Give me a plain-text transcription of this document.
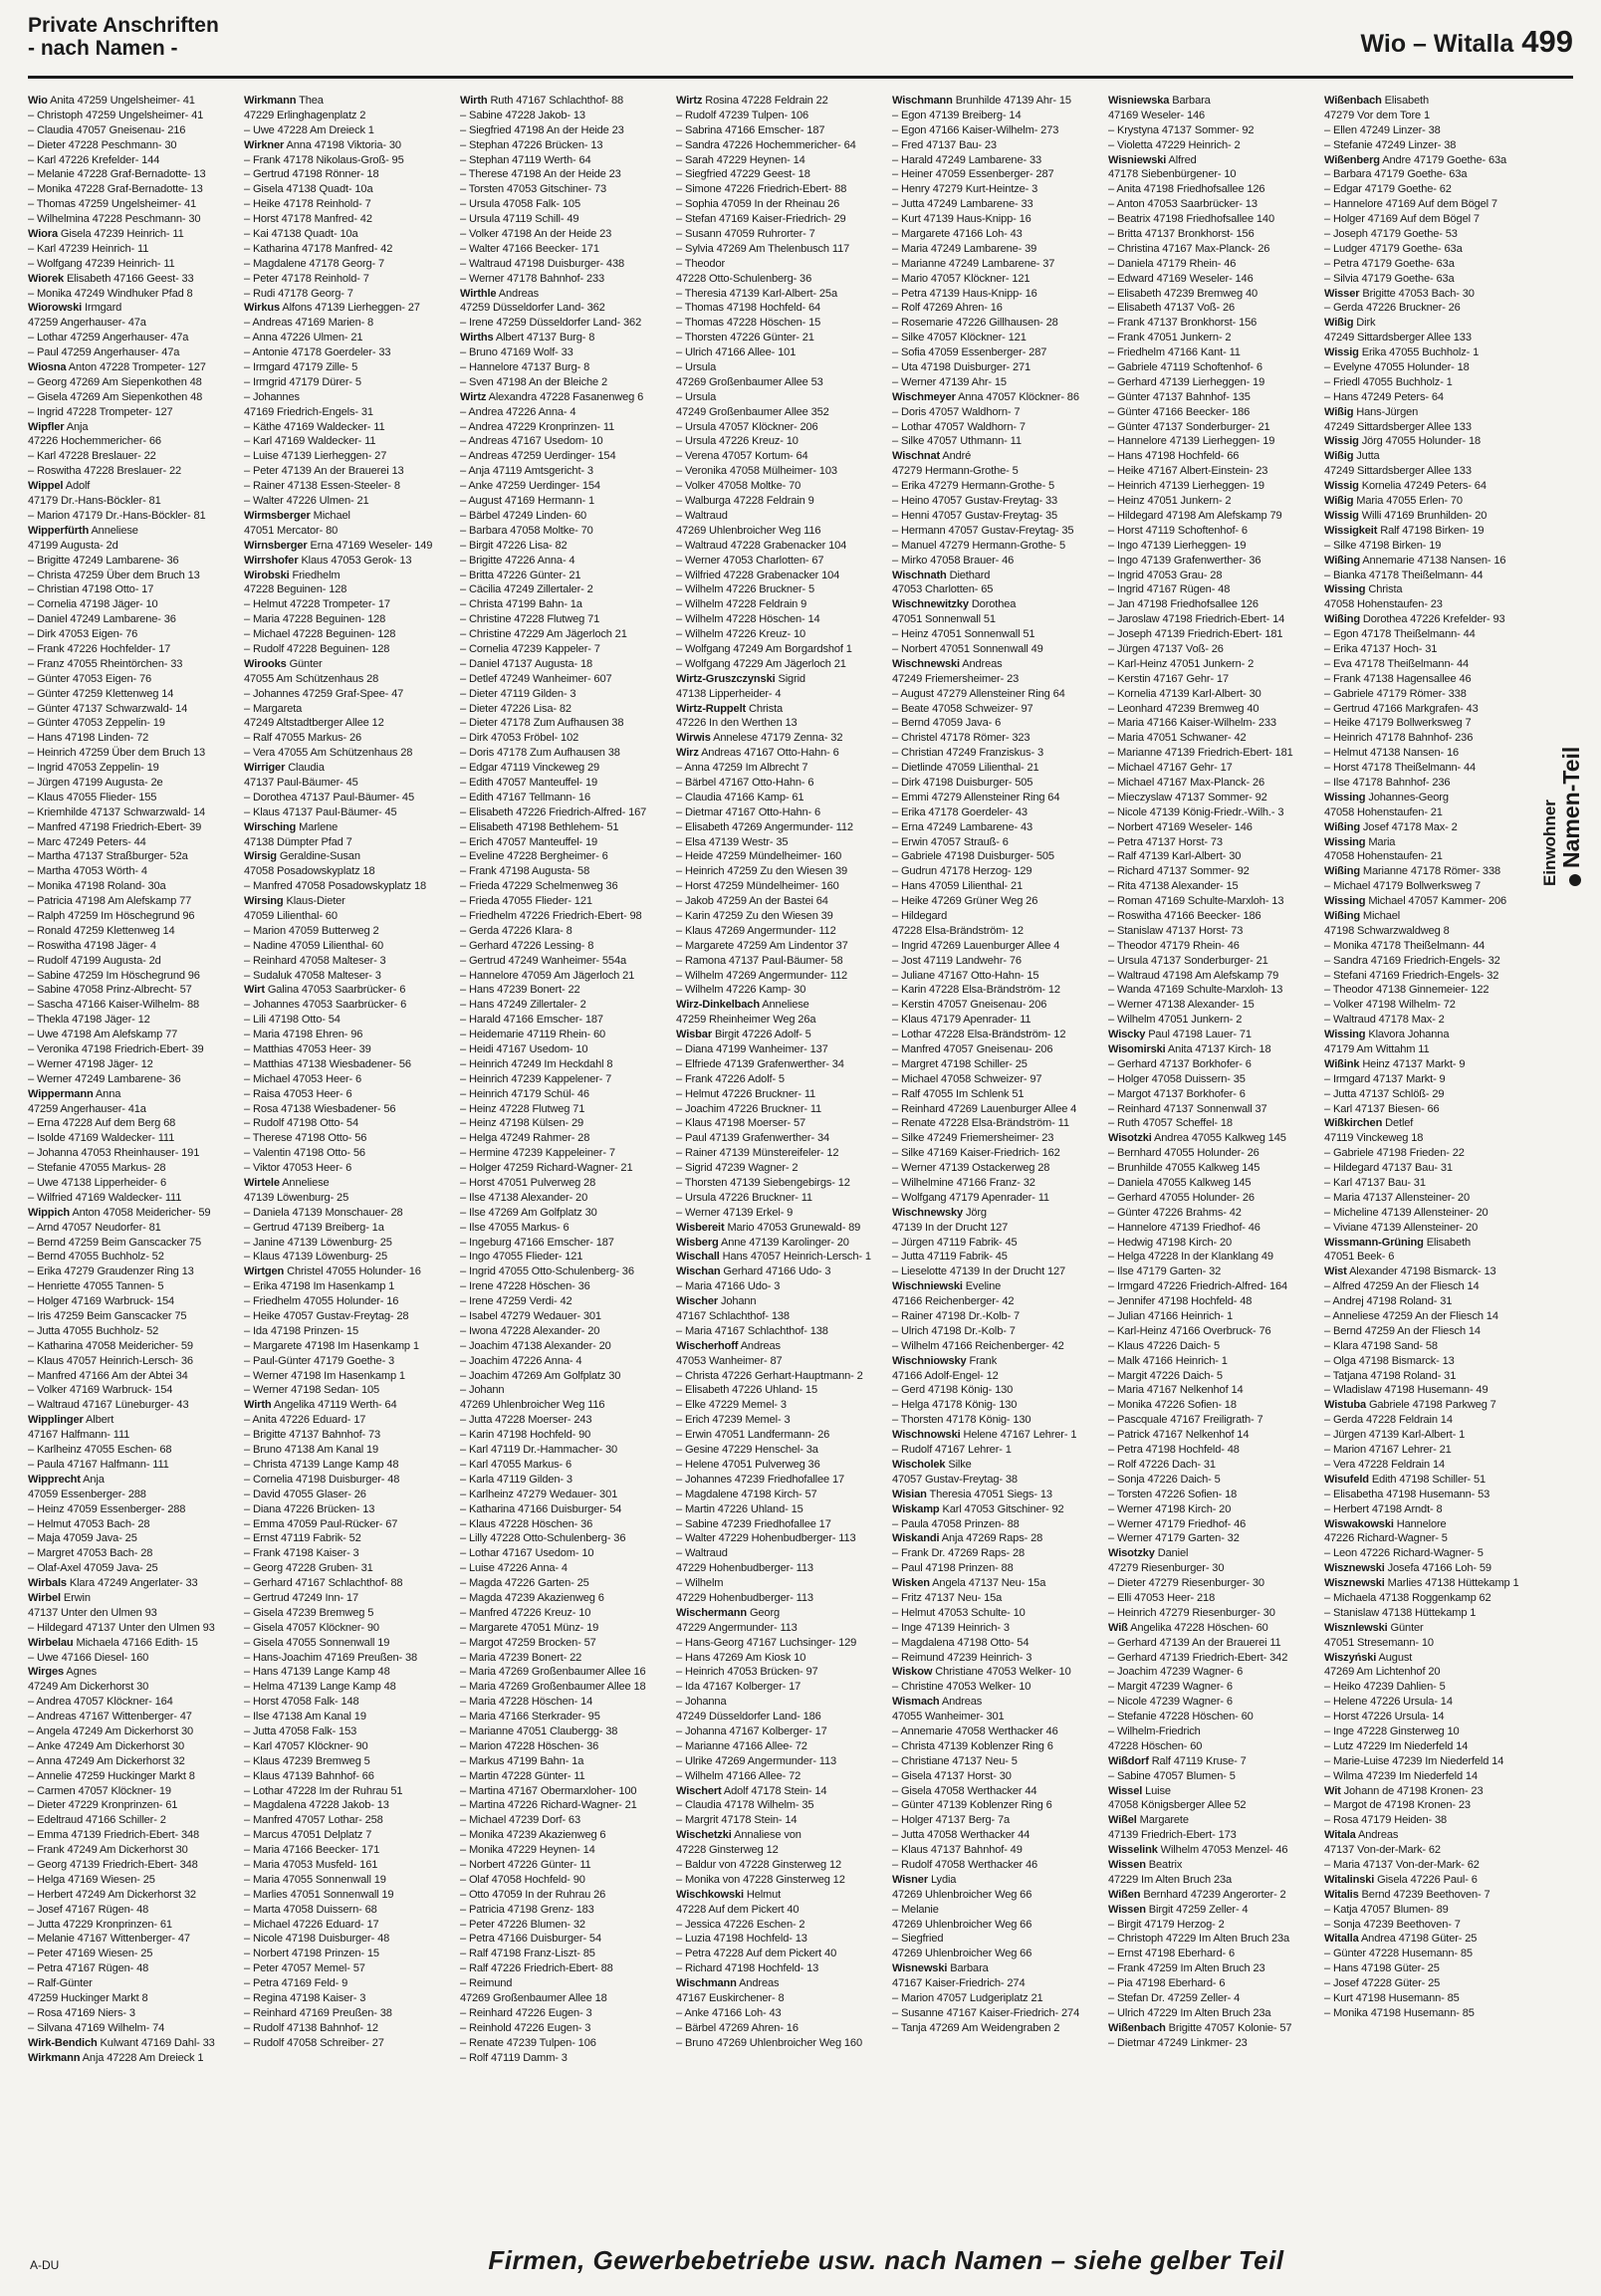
Private Anschriften
- nach Namen -	Wio – Witalla 499
Wio Anita 47259 Ungelsheimer- 41
– Christoph 47259 Ungelsheimer- 41
– Claudia 47057 Gneisenau- 216
– Dieter 47228 Peschmann- 30
– Karl 47226 Krefelder- 144
– Melanie 47228 Graf-Bernadotte- 13
– Monika 47228 Graf-Bernadotte- 13
– Thomas 47259 Ungelsheimer- 41
– Wilhelmina 47228 Peschmann- 30
Wiora Gisela 47239 Heinrich- 11
– Karl 47239 Heinrich- 11
– Wolfgang 47239 Heinrich- 11
Wiorek Elisabeth 47166 Geest- 33
– Monika 47249 Windhuker Pfad 8
Wiorowski Irmgard
47259 Angerhauser- 47a
– Lothar 47259 Angerhauser- 47a
– Paul 47259 Angerhauser- 47a
Wiosna Anton 47228 Trompeter- 127
– Georg 47269 Am Siepenkothen 48
– Gisela 47269 Am Siepenkothen 48
– Ingrid 47228 Trompeter- 127
Wipfler Anja
47226 Hochemmericher- 66
– Karl 47228 Breslauer- 22
– Roswitha 47228 Breslauer- 22
Wippel Adolf
47179 Dr.-Hans-Böckler- 81
– Marion 47179 Dr.-Hans-Böckler- 81
Wipperfürth Anneliese
47199 Augusta- 2d
– Brigitte 47249 Lambarene- 36
– Christa 47259 Über dem Bruch 13
– Christian 47198 Otto- 17
– Cornelia 47198 Jäger- 10
– Daniel 47249 Lambarene- 36
– Dirk 47053 Eigen- 76
– Frank 47226 Hochfelder- 17
– Franz 47055 Rheintörchen- 33
– Günter 47053 Eigen- 76
– Günter 47259 Klettenweg 14
– Günter 47137 Schwarzwald- 14
– Günter 47053 Zeppelin- 19
– Hans 47198 Linden- 72
– Heinrich 47259 Über dem Bruch 13
– Ingrid 47053 Zeppelin- 19
– Jürgen 47199 Augusta- 2e
– Klaus 47055 Flieder- 155
– Kriemhilde 47137 Schwarzwald- 14
– Manfred 47198 Friedrich-Ebert- 39
– Marc 47249 Peters- 44
– Martha 47137 Straßburger- 52a
– Martha 47053 Wörth- 4
– Monika 47198 Roland- 30a
– Patricia 47198 Am Alefskamp 77
– Ralph 47259 Im Höschegrund 96
– Ronald 47259 Klettenweg 14
– Roswitha 47198 Jäger- 4
– Rudolf 47199 Augusta- 2d
– Sabine 47259 Im Höschegrund 96
– Sabine 47058 Prinz-Albrecht- 57
– Sascha 47166 Kaiser-Wilhelm- 88
– Thekla 47198 Jäger- 12
– Uwe 47198 Am Alefskamp 77
– Veronika 47198 Friedrich-Ebert- 39
– Werner 47198 Jäger- 12
– Werner 47249 Lambarene- 36
Wippermann Anna
47259 Angerhauser- 41a
– Erna 47228 Auf dem Berg 68
– Isolde 47169 Waldecker- 111
– Johanna 47053 Rheinhauser- 191
– Stefanie 47055 Markus- 28
– Uwe 47138 Lipperheider- 6
– Wilfried 47169 Waldecker- 111
Wippich Anton 47058 Meidericher- 59
– Arnd 47057 Neudorfer- 81
– Bernd 47259 Beim Ganscacker 75
– Bernd 47055 Buchholz- 52
– Erika 47279 Graudenzer Ring 13
– Henriette 47055 Tannen- 5
– Holger 47169 Warbruck- 154
– Iris 47259 Beim Ganscacker 75
– Jutta 47055 Buchholz- 52
– Katharina 47058 Meidericher- 59
– Klaus 47057 Heinrich-Lersch- 36
– Manfred 47166 Am der Abtei 34
– Volker 47169 Warbruck- 154
– Waltraud 47167 Lüneburger- 43
Wipplinger Albert
47167 Halfmann- 111
– Karlheinz 47055 Eschen- 68
– Paula 47167 Halfmann- 111
Wipprecht Anja
47059 Essenberger- 288
– Heinz 47059 Essenberger- 288
– Helmut 47053 Bach- 28
– Maja 47059 Java- 25
– Margret 47053 Bach- 28
– Olaf-Axel 47059 Java- 25
Wirbals Klara 47249 Angerlater- 33
Wirbel Erwin
47137 Unter den Ulmen 93
– Hildegard 47137 Unter den Ulmen 93
Wirbelau Michaela 47166 Edith- 15
– Uwe 47166 Diesel- 160
Wirges Agnes
47249 Am Dickerhorst 30
– Andrea 47057 Klöckner- 164
– Andreas 47167 Wittenberger- 47
– Angela 47249 Am Dickerhorst 30
– Anke 47249 Am Dickerhorst 30
– Anna 47249 Am Dickerhorst 32
– Annelie 47259 Huckinger Markt 8
– Carmen 47057 Klöckner- 19
– Dieter 47229 Kronprinzen- 61
– Edeltraud 47166 Schiller- 2
– Emma 47139 Friedrich-Ebert- 348
– Frank 47249 Am Dickerhorst 30
– Georg 47139 Friedrich-Ebert- 348
– Helga 47169 Wiesen- 25
– Herbert 47249 Am Dickerhorst 32
– Josef 47167 Rügen- 48
– Jutta 47229 Kronprinzen- 61
– Melanie 47167 Wittenberger- 47
– Peter 47169 Wiesen- 25
– Petra 47167 Rügen- 48
– Ralf-Günter
47259 Huckinger Markt 8
– Rosa 47169 Niers- 3
– Silvana 47169 Wilhelm- 74
Wirk-Bendich Kulwant 47169 Dahl- 33
Wirkmann Anja 47228 Am Dreieck 1
Wirkmann Thea
47229 Erlinghagenplatz 2
– Uwe 47228 Am Dreieck 1
Wirkner Anna 47198 Viktoria- 30
– Frank 47178 Nikolaus-Groß- 95
– Gertrud 47198 Rönner- 18
– Gisela 47138 Quadt- 10a
– Heike 47178 Reinhold- 7
– Horst 47178 Manfred- 42
– Kai 47138 Quadt- 10a
– Katharina 47178 Manfred- 42
– Magdalene 47178 Georg- 7
– Peter 47178 Reinhold- 7
– Rudi 47178 Georg- 7
Wirkus Alfons 47139 Lierheggen- 27
– Andreas 47169 Marien- 8
– Anna 47226 Ulmen- 21
– Antonie 47178 Goerdeler- 33
– Irmgard 47179 Zille- 5
– Irmgrid 47179 Dürer- 5
– Johannes
47169 Friedrich-Engels- 31
– Käthe 47169 Waldecker- 11
– Karl 47169 Waldecker- 11
– Luise 47139 Lierheggen- 27
– Peter 47139 An der Brauerei 13
– Rainer 47138 Essen-Steeler- 8
– Walter 47226 Ulmen- 21
Wirmsberger Michael
47051 Mercator- 80
Wirnsberger Erna 47169 Weseler- 149
Wirrshofer Klaus 47053 Gerok- 13
Wirobski Friedhelm
47228 Beguinen- 128
– Helmut 47228 Trompeter- 17
– Maria 47228 Beguinen- 128
– Michael 47228 Beguinen- 128
– Rudolf 47228 Beguinen- 128
Wirooks Günter
47055 Am Schützenhaus 28
– Johannes 47259 Graf-Spee- 47
– Margareta
47249 Altstadtberger Allee 12
– Ralf 47055 Markus- 26
– Vera 47055 Am Schützenhaus 28
Wirriger Claudia
47137 Paul-Bäumer- 45
– Dorothea 47137 Paul-Bäumer- 45
– Klaus 47137 Paul-Bäumer- 45
Wirsching Marlene
47138 Dümpter Pfad 7
Wirsig Geraldine-Susan
47058 Posadowskyplatz 18
– Manfred 47058 Posadowskyplatz 18
Wirsing Klaus-Dieter
47059 Lilienthal- 60
– Marion 47059 Butterweg 2
– Nadine 47059 Lilienthal- 60
– Reinhard 47058 Malteser- 3
– Sudaluk 47058 Malteser- 3
Wirt Galina 47053 Saarbrücker- 6
– Johannes 47053 Saarbrücker- 6
– Lili 47198 Otto- 54
– Maria 47198 Ehren- 96
– Matthias 47053 Heer- 39
– Matthias 47138 Wiesbadener- 56
– Michael 47053 Heer- 6
– Raisa 47053 Heer- 6
– Rosa 47138 Wiesbadener- 56
– Rudolf 47198 Otto- 54
– Therese 47198 Otto- 56
– Valentin 47198 Otto- 56
– Viktor 47053 Heer- 6
Wirtele Anneliese
47139 Löwenburg- 25
– Daniela 47139 Monschauer- 28
– Gertrud 47139 Breiberg- 1a
– Janine 47139 Löwenburg- 25
– Klaus 47139 Löwenburg- 25
Wirtgen Christel 47055 Holunder- 16
– Erika 47198 Im Hasenkamp 1
– Friedhelm 47055 Holunder- 16
– Heike 47057 Gustav-Freytag- 28
– Ida 47198 Prinzen- 15
– Margarete 47198 Im Hasenkamp 1
– Paul-Günter 47179 Goethe- 3
– Werner 47198 Im Hasenkamp 1
– Werner 47198 Sedan- 105
Wirth Angelika 47119 Werth- 64
– Anita 47226 Eduard- 17
– Brigitte 47137 Bahnhof- 73
– Bruno 47138 Am Kanal 19
– Christa 47139 Lange Kamp 48
– Cornelia 47198 Duisburger- 48
– David 47055 Glaser- 26
– Diana 47226 Brücken- 13
– Emma 47059 Paul-Rücker- 67
– Ernst 47119 Fabrik- 52
– Frank 47198 Kaiser- 3
– Georg 47228 Gruben- 31
– Gerhard 47167 Schlachthof- 88
– Gertrud 47249 Inn- 17
– Gisela 47239 Bremweg 5
– Gisela 47057 Klöckner- 90
– Gisela 47055 Sonnenwall 19
– Hans-Joachim 47169 Preußen- 38
– Hans 47139 Lange Kamp 48
– Helma 47139 Lange Kamp 48
– Horst 47058 Falk- 148
– Ilse 47138 Am Kanal 19
– Jutta 47058 Falk- 153
– Karl 47057 Klöckner- 90
– Klaus 47239 Bremweg 5
– Klaus 47139 Bahnhof- 66
– Lothar 47228 Im der Ruhrau 51
– Magdalena 47228 Jakob- 13
– Manfred 47057 Lothar- 258
– Marcus 47051 Delplatz 7
– Maria 47166 Beecker- 171
– Maria 47053 Musfeld- 161
– Maria 47055 Sonnenwall 19
– Marlies 47051 Sonnenwall 19
– Marta 47058 Duissern- 68
– Michael 47226 Eduard- 17
– Nicole 47198 Duisburger- 48
– Norbert 47198 Prinzen- 15
– Peter 47057 Memel- 57
– Petra 47169 Feld- 9
– Regina 47198 Kaiser- 3
– Reinhard 47169 Preußen- 38
– Rudolf 47138 Bahnhof- 12
– Rudolf 47058 Schreiber- 27
Wirth Ruth 47167 Schlachthof- 88
– Sabine 47228 Jakob- 13
– Siegfried 47198 An der Heide 23
– Stephan 47226 Brücken- 13
– Stephan 47119 Werth- 64
– Therese 47198 An der Heide 23
– Torsten 47053 Gitschiner- 73
– Ursula 47058 Falk- 105
– Ursula 47119 Schill- 49
– Volker 47198 An der Heide 23
– Walter 47166 Beecker- 171
– Waltraud 47198 Duisburger- 438
– Werner 47178 Bahnhof- 233
Wirthle Andreas
47259 Düsseldorfer Land- 362
– Irene 47259 Düsseldorfer Land- 362
Wirths Albert 47137 Burg- 8
– Bruno 47169 Wolf- 33
– Hannelore 47137 Burg- 8
– Sven 47198 An der Bleiche 2
Wirtz Alexandra 47228 Fasanenweg 6
– Andrea 47226 Anna- 4
– Andrea 47229 Kronprinzen- 11
– Andreas 47167 Usedom- 10
– Andreas 47259 Uerdinger- 154
– Anja 47119 Amtsgericht- 3
– Anke 47259 Uerdinger- 154
– August 47169 Hermann- 1
– Bärbel 47249 Linden- 60
– Barbara 47058 Moltke- 70
– Birgit 47226 Lisa- 82
– Brigitte 47226 Anna- 4
– Britta 47226 Günter- 21
– Cäcilia 47249 Zillertaler- 2
– Christa 47199 Bahn- 1a
– Christine 47228 Flutweg 71
– Christine 47229 Am Jägerloch 21
– Cornelia 47239 Kappeler- 7
– Daniel 47137 Augusta- 18
– Detlef 47249 Wanheimer- 607
– Dieter 47119 Gilden- 3
– Dieter 47226 Lisa- 82
– Dieter 47178 Zum Aufhausen 38
– Dirk 47053 Fröbel- 102
– Doris 47178 Zum Aufhausen 38
– Edgar 47119 Vinckeweg 29
– Edith 47057 Manteuffel- 19
– Edith 47167 Tellmann- 16
– Elisabeth 47226 Friedrich-Alfred- 167
– Elisabeth 47198 Bethlehem- 51
– Erich 47057 Manteuffel- 19
– Eveline 47228 Bergheimer- 6
– Frank 47198 Augusta- 58
– Frieda 47229 Schelmenweg 36
– Frieda 47055 Flieder- 121
– Friedhelm 47226 Friedrich-Ebert- 98
– Gerda 47226 Klara- 8
– Gerhard 47226 Lessing- 8
– Gertrud 47249 Wanheimer- 554a
– Hannelore 47059 Am Jägerloch 21
– Hans 47239 Bonert- 22
– Hans 47249 Zillertaler- 2
– Harald 47166 Emscher- 187
– Heidemarie 47119 Rhein- 60
– Heidi 47167 Usedom- 10
– Heinrich 47249 Im Heckdahl 8
– Heinrich 47239 Kappelener- 7
– Heinrich 47179 Schül- 46
– Heinz 47228 Flutweg 71
– Heinz 47198 Külsen- 29
– Helga 47249 Rahmer- 28
– Hermine 47239 Kappeleiner- 7
– Holger 47259 Richard-Wagner- 21
– Horst 47051 Pulverweg 28
– Ilse 47138 Alexander- 20
– Ilse 47269 Am Golfplatz 30
– Ilse 47055 Markus- 6
– Ingeburg 47166 Emscher- 187
– Ingo 47055 Flieder- 121
– Ingrid 47055 Otto-Schulenberg- 36
– Irene 47228 Höschen- 36
– Irene 47259 Verdi- 42
– Isabel 47279 Wedauer- 301
– Iwona 47228 Alexander- 20
– Joachim 47138 Alexander- 20
– Joachim 47226 Anna- 4
– Joachim 47269 Am Golfplatz 30
– Johann
47269 Uhlenbroicher Weg 116
– Jutta 47228 Moerser- 243
– Karin 47198 Hochfeld- 90
– Karl 47119 Dr.-Hammacher- 30
– Karl 47055 Markus- 6
– Karla 47119 Gilden- 3
– Karlheinz 47279 Wedauer- 301
– Katharina 47166 Duisburger- 54
– Klaus 47228 Höschen- 36
– Lilly 47228 Otto-Schulenberg- 36
– Lothar 47167 Usedom- 10
– Luise 47226 Anna- 4
– Magda 47226 Garten- 25
– Magda 47239 Akazienweg 6
– Manfred 47226 Kreuz- 10
– Margarete 47051 Münz- 19
– Margot 47259 Brocken- 57
– Maria 47239 Bonert- 22
– Maria 47269 Großenbaumer Allee 16
– Maria 47269 Großenbaumer Allee 18
– Maria 47228 Höschen- 14
– Maria 47166 Sterkrader- 95
– Marianne 47051 Claubergg- 38
– Marion 47228 Höschen- 36
– Markus 47199 Bahn- 1a
– Martin 47228 Günter- 11
– Martina 47167 Obermarxloher- 100
– Martina 47226 Richard-Wagner- 21
– Michael 47239 Dorf- 63
– Monika 47239 Akazienweg 6
– Monika 47229 Heynen- 14
– Norbert 47226 Günter- 11
– Olaf 47058 Hochfeld- 90
– Otto 47059 In der Ruhrau 26
– Patricia 47198 Grenz- 183
– Peter 47226 Blumen- 32
– Petra 47166 Duisburger- 54
– Ralf 47198 Franz-Liszt- 85
– Ralf 47226 Friedrich-Ebert- 88
– Reimund
47269 Großenbaumer Allee 18
– Reinhard 47226 Eugen- 3
– Reinhold 47226 Eugen- 3
– Renate 47239 Tulpen- 106
– Rolf 47119 Damm- 3
Wirtz Rosina 47228 Feldrain 22
– Rudolf 47239 Tulpen- 106
– Sabrina 47166 Emscher- 187
– Sandra 47226 Hochemmericher- 64
– Sarah 47229 Heynen- 14
– Siegfried 47229 Geest- 18
– Simone 47226 Friedrich-Ebert- 88
– Sophia 47059 In der Rheinau 26
– Stefan 47169 Kaiser-Friedrich- 29
– Susann 47059 Ruhrorter- 7
– Sylvia 47269 Am Thelenbusch 117
– Theodor
47228 Otto-Schulenberg- 36
– Theresia 47139 Karl-Albert- 25a
– Thomas 47198 Hochfeld- 64
– Thomas 47228 Höschen- 15
– Thorsten 47226 Günter- 21
– Ulrich 47166 Allee- 101
– Ursula
47269 Großenbaumer Allee 53
– Ursula
47249 Großenbaumer Allee 352
– Ursula 47057 Klöckner- 206
– Ursula 47226 Kreuz- 10
– Verena 47057 Kortum- 64
– Veronika 47058 Mülheimer- 103
– Volker 47058 Moltke- 70
– Walburga 47228 Feldrain 9
– Waltraud
47269 Uhlenbroicher Weg 116
– Waltraud 47228 Grabenacker 104
– Werner 47053 Charlotten- 67
– Wilfried 47228 Grabenacker 104
– Wilhelm 47226 Bruckner- 5
– Wilhelm 47228 Feldrain 9
– Wilhelm 47228 Höschen- 14
– Wilhelm 47226 Kreuz- 10
– Wolfgang 47249 Am Borgardshof 1
– Wolfgang 47229 Am Jägerloch 21
Wirtz-Gruszczynski Sigrid
47138 Lipperheider- 4
Wirtz-Ruppelt Christa
47226 In den Werthen 13
Wirwis Annelese 47179 Zenna- 32
Wirz Andreas 47167 Otto-Hahn- 6
– Anna 47259 Im Albrecht 7
– Bärbel 47167 Otto-Hahn- 6
– Claudia 47166 Kamp- 61
– Dietmar 47167 Otto-Hahn- 6
– Elisabeth 47269 Angermunder- 112
– Elsa 47139 Westr- 35
– Heide 47259 Mündelheimer- 160
– Heinrich 47259 Zu den Wiesen 39
– Horst 47259 Mündelheimer- 160
– Jakob 47259 An der Bastei 64
– Karin 47259 Zu den Wiesen 39
– Klaus 47269 Angermunder- 112
– Margarete 47259 Am Lindentor 37
– Ramona 47137 Paul-Bäumer- 58
– Wilhelm 47269 Angermunder- 112
– Wilhelm 47226 Kamp- 30
Wirz-Dinkelbach Anneliese
47259 Rheinheimer Weg 26a
Wisbar Birgit 47226 Adolf- 5
– Diana 47199 Wanheimer- 137
– Elfriede 47139 Grafenwerther- 34
– Frank 47226 Adolf- 5
– Helmut 47226 Bruckner- 11
– Joachim 47226 Bruckner- 11
– Klaus 47198 Moerser- 57
– Paul 47139 Grafenwerther- 34
– Rainer 47139 Münstereifeler- 12
– Sigrid 47239 Wagner- 2
– Thorsten 47139 Siebengebirgs- 12
– Ursula 47226 Bruckner- 11
– Werner 47139 Erkel- 9
Wisbereit Mario 47053 Grunewald- 89
Wisberg Anne 47139 Karolinger- 20
Wischall Hans 47057 Heinrich-Lersch- 1
Wischan Gerhard 47166 Udo- 3
– Maria 47166 Udo- 3
Wischer Johann
47167 Schlachthof- 138
– Maria 47167 Schlachthof- 138
Wischerhoff Andreas
47053 Wanheimer- 87
– Christa 47226 Gerhart-Hauptmann- 2
– Elisabeth 47226 Uhland- 15
– Elke 47229 Memel- 3
– Erich 47239 Memel- 3
– Erwin 47051 Landfermann- 26
– Gesine 47229 Henschel- 3a
– Helene 47051 Pulverweg 36
– Johannes 47239 Friedhofallee 17
– Magdalene 47198 Kirch- 57
– Martin 47226 Uhland- 15
– Sabine 47239 Friedhofallee 17
– Walter 47229 Hohenbudberger- 113
– Waltraud
47229 Hohenbudberger- 113
– Wilhelm
47229 Hohenbudberger- 113
Wischermann Georg
47229 Angermunder- 113
– Hans-Georg 47167 Luchsinger- 129
– Hans 47269 Am Kiosk 10
– Heinrich 47053 Brücken- 97
– Ida 47167 Kolberger- 17
– Johanna
47249 Düsseldorfer Land- 186
– Johanna 47167 Kolberger- 17
– Marianne 47166 Allee- 72
– Ulrike 47269 Angermunder- 113
– Wilhelm 47166 Allee- 72
Wischert Adolf 47178 Stein- 14
– Claudia 47178 Wilhelm- 35
– Margrit 47178 Stein- 14
Wischetzki Annaliese von
47228 Ginsterweg 12
– Baldur von 47228 Ginsterweg 12
– Monika von 47228 Ginsterweg 12
Wischkowski Helmut
47228 Auf dem Pickert 40
– Jessica 47226 Eschen- 2
– Luzia 47198 Hochfeld- 13
– Petra 47228 Auf dem Pickert 40
– Richard 47198 Hochfeld- 13
Wischmann Andreas
47167 Euskirchener- 8
– Anke 47166 Loh- 43
– Bärbel 47269 Ahren- 16
– Bruno 47269 Uhlenbroicher Weg 160
Wischmann Brunhilde 47139 Ahr- 15
– Egon 47139 Breiberg- 14
– Egon 47166 Kaiser-Wilhelm- 273
– Fred 47137 Bau- 23
– Harald 47249 Lambarene- 33
– Heiner 47059 Essenberger- 287
– Henry 47279 Kurt-Heintze- 3
– Jutta 47249 Lambarene- 33
– Kurt 47139 Haus-Knipp- 16
– Margarete 47166 Loh- 43
– Maria 47249 Lambarene- 39
– Marianne 47249 Lambarene- 37
– Mario 47057 Klöckner- 121
– Petra 47139 Haus-Knipp- 16
– Rolf 47269 Ahren- 16
– Rosemarie 47226 Gillhausen- 28
– Silke 47057 Klöckner- 121
– Sofia 47059 Essenberger- 287
– Uta 47198 Duisburger- 271
– Werner 47139 Ahr- 15
Wischmeyer Anna 47057 Klöckner- 86
– Doris 47057 Waldhorn- 7
– Lothar 47057 Waldhorn- 7
– Silke 47057 Uthmann- 11
Wischnat André
47279 Hermann-Grothe- 5
– Erika 47279 Hermann-Grothe- 5
– Heino 47057 Gustav-Freytag- 33
– Henni 47057 Gustav-Freytag- 35
– Hermann 47057 Gustav-Freytag- 35
– Manuel 47279 Hermann-Grothe- 5
– Mirko 47058 Brauer- 46
Wischnath Diethard
47053 Charlotten- 65
Wischnewitzky Dorothea
47051 Sonnenwall 51
– Heinz 47051 Sonnenwall 51
– Norbert 47051 Sonnenwall 49
Wischnewski Andreas
47249 Friemersheimer- 23
– August 47279 Allensteiner Ring 64
– Beate 47058 Schweizer- 97
– Bernd 47059 Java- 6
– Christel 47178 Römer- 323
– Christian 47249 Franziskus- 3
– Dietlinde 47059 Lilienthal- 21
– Dirk 47198 Duisburger- 505
– Emmi 47279 Allensteiner Ring 64
– Erika 47178 Goerdeler- 43
– Erna 47249 Lambarene- 43
– Erwin 47057 Strauß- 6
– Gabriele 47198 Duisburger- 505
– Gudrun 47178 Herzog- 129
– Hans 47059 Lilienthal- 21
– Heike 47269 Grüner Weg 26
– Hildegard
47228 Elsa-Brändström- 12
– Ingrid 47269 Lauenburger Allee 4
– Jost 47119 Landwehr- 76
– Juliane 47167 Otto-Hahn- 15
– Karin 47228 Elsa-Brändström- 12
– Kerstin 47057 Gneisenau- 206
– Klaus 47179 Apenrader- 11
– Lothar 47228 Elsa-Brändström- 12
– Manfred 47057 Gneisenau- 206
– Margret 47198 Schiller- 25
– Michael 47058 Schweizer- 97
– Ralf 47055 Im Schlenk 51
– Reinhard 47269 Lauenburger Allee 4
– Renate 47228 Elsa-Brändström- 11
– Silke 47249 Friemersheimer- 23
– Silke 47169 Kaiser-Friedrich- 162
– Werner 47139 Ostackerweg 28
– Wilhelmine 47166 Franz- 32
– Wolfgang 47179 Apenrader- 11
Wischnewsky Jörg
47139 In der Drucht 127
– Jürgen 47119 Fabrik- 45
– Jutta 47119 Fabrik- 45
– Lieselotte 47139 In der Drucht 127
Wischniewski Eveline
47166 Reichenberger- 42
– Rainer 47198 Dr.-Kolb- 7
– Ulrich 47198 Dr.-Kolb- 7
– Wilhelm 47166 Reichenberger- 42
Wischniowsky Frank
47166 Adolf-Engel- 12
– Gerd 47198 König- 130
– Helga 47178 König- 130
– Thorsten 47178 König- 130
Wischnowski Helene 47167 Lehrer- 1
– Rudolf 47167 Lehrer- 1
Wischolek Silke
47057 Gustav-Freytag- 38
Wisian Theresia 47051 Siegs- 13
Wiskamp Karl 47053 Gitschiner- 92
– Paula 47058 Prinzen- 88
Wiskandi Anja 47269 Raps- 28
– Frank Dr. 47269 Raps- 28
– Paul 47198 Prinzen- 88
Wisken Angela 47137 Neu- 15a
– Fritz 47137 Neu- 15a
– Helmut 47053 Schulte- 10
– Inge 47139 Heinrich- 3
– Magdalena 47198 Otto- 54
– Reimund 47239 Heinrich- 3
Wiskow Christiane 47053 Welker- 10
– Christine 47053 Welker- 10
Wismach Andreas
47055 Wanheimer- 301
– Annemarie 47058 Werthacker 46
– Christa 47139 Koblenzer Ring 6
– Christiane 47137 Neu- 5
– Gisela 47137 Horst- 30
– Gisela 47058 Werthacker 44
– Günter 47139 Koblenzer Ring 6
– Holger 47137 Berg- 7a
– Jutta 47058 Werthacker 44
– Klaus 47137 Bahnhof- 49
– Rudolf 47058 Werthacker 46
Wisner Lydia
47269 Uhlenbroicher Weg 66
– Melanie
47269 Uhlenbroicher Weg 66
– Siegfried
47269 Uhlenbroicher Weg 66
Wisnewski Barbara
47167 Kaiser-Friedrich- 274
– Marion 47057 Ludgeriplatz 21
– Susanne 47167 Kaiser-Friedrich- 274
– Tanja 47269 Am Weidengraben 2
Wisniewska Barbara
47169 Weseler- 146
– Krystyna 47137 Sommer- 92
– Violetta 47229 Heinrich- 2
Wisniewski Alfred
47178 Siebenbürgener- 10
– Anita 47198 Friedhofsallee 126
– Anton 47053 Saarbrücker- 13
– Beatrix 47198 Friedhofsallee 140
– Britta 47137 Bronkhorst- 156
– Christina 47167 Max-Planck- 26
– Daniela 47179 Rhein- 46
– Edward 47169 Weseler- 146
– Elisabeth 47239 Bremweg 40
– Elisabeth 47137 Voß- 26
– Frank 47137 Bronkhorst- 156
– Frank 47051 Junkern- 2
– Friedhelm 47166 Kant- 11
– Gabriele 47119 Schoftenhof- 6
– Gerhard 47139 Lierheggen- 19
– Günter 47137 Bahnhof- 135
– Günter 47166 Beecker- 186
– Günter 47137 Sonderburger- 21
– Hannelore 47139 Lierheggen- 19
– Hans 47198 Hochfeld- 66
– Heike 47167 Albert-Einstein- 23
– Heinrich 47139 Lierheggen- 19
– Heinz 47051 Junkern- 2
– Hildegard 47198 Am Alefskamp 79
– Horst 47119 Schoftenhof- 6
– Ingo 47139 Lierheggen- 19
– Ingo 47139 Grafenwerther- 36
– Ingrid 47053 Grau- 28
– Ingrid 47167 Rügen- 48
– Jan 47198 Friedhofsallee 126
– Jaroslaw 47198 Friedrich-Ebert- 14
– Joseph 47139 Friedrich-Ebert- 181
– Jürgen 47137 Voß- 26
– Karl-Heinz 47051 Junkern- 2
– Kerstin 47167 Gehr- 17
– Kornelia 47139 Karl-Albert- 30
– Leonhard 47239 Bremweg 40
– Maria 47166 Kaiser-Wilhelm- 233
– Maria 47051 Schwaner- 42
– Marianne 47139 Friedrich-Ebert- 181
– Michael 47167 Gehr- 17
– Michael 47167 Max-Planck- 26
– Mieczyslaw 47137 Sommer- 92
– Nicole 47139 König-Friedr.-Wilh.- 3
– Norbert 47169 Weseler- 146
– Petra 47137 Horst- 73
– Ralf 47139 Karl-Albert- 30
– Richard 47137 Sommer- 92
– Rita 47138 Alexander- 15
– Roman 47169 Schulte-Marxloh- 13
– Roswitha 47166 Beecker- 186
– Stanislaw 47137 Horst- 73
– Theodor 47179 Rhein- 46
– Ursula 47137 Sonderburger- 21
– Waltraud 47198 Am Alefskamp 79
– Wanda 47169 Schulte-Marxloh- 13
– Werner 47138 Alexander- 15
– Wilhelm 47051 Junkern- 2
Wiscky Paul 47198 Lauer- 71
Wisomirski Anita 47137 Kirch- 18
– Gerhard 47137 Borkhofer- 6
– Holger 47058 Duissern- 35
– Margot 47137 Borkhofer- 6
– Reinhard 47137 Sonnenwall 37
– Ruth 47057 Scheffel- 18
Wisotzki Andrea 47055 Kalkweg 145
– Bernhard 47055 Holunder- 26
– Brunhilde 47055 Kalkweg 145
– Daniela 47055 Kalkweg 145
– Gerhard 47055 Holunder- 26
– Günter 47226 Brahms- 42
– Hannelore 47139 Friedhof- 46
– Hedwig 47198 Kirch- 20
– Helga 47228 In der Klanklang 49
– Ilse 47179 Garten- 32
– Irmgard 47226 Friedrich-Alfred- 164
– Jennifer 47198 Hochfeld- 48
– Julian 47166 Heinrich- 1
– Karl-Heinz 47166 Overbruck- 76
– Klaus 47226 Daich- 5
– Malk 47166 Heinrich- 1
– Margit 47226 Daich- 5
– Maria 47167 Nelkenhof 14
– Monika 47226 Sofien- 18
– Pascquale 47167 Freiligrath- 7
– Patrick 47167 Nelkenhof 14
– Petra 47198 Hochfeld- 48
– Rolf 47226 Dach- 31
– Sonja 47226 Daich- 5
– Torsten 47226 Sofien- 18
– Werner 47198 Kirch- 20
– Werner 47179 Friedhof- 46
– Werner 47179 Garten- 32
Wisotzky Daniel
47279 Riesenburger- 30
– Dieter 47279 Riesenburger- 30
– Elli 47053 Heer- 218
– Heinrich 47279 Riesenburger- 30
Wiß Angelika 47228 Höschen- 60
– Gerhard 47139 An der Brauerei 11
– Gerhard 47139 Friedrich-Ebert- 342
– Joachim 47239 Wagner- 6
– Margit 47239 Wagner- 6
– Nicole 47239 Wagner- 6
– Stefanie 47228 Höschen- 60
– Wilhelm-Friedrich
47228 Höschen- 60
Wißdorf Ralf 47119 Kruse- 7
– Sabine 47057 Blumen- 5
Wissel Luise
47058 Königsberger Allee 52
Wißel Margarete
47139 Friedrich-Ebert- 173
Wisselink Wilhelm 47053 Menzel- 46
Wissen Beatrix
47229 Im Alten Bruch 23a
Wißen Bernhard 47239 Angerorter- 2
Wissen Birgit 47259 Zeller- 4
– Birgit 47179 Herzog- 2
– Christoph 47229 Im Alten Bruch 23a
– Ernst 47198 Eberhard- 6
– Frank 47259 Im Alten Bruch 23
– Pia 47198 Eberhard- 6
– Stefan Dr. 47259 Zeller- 4
– Ulrich 47229 Im Alten Bruch 23a
Wißenbach Brigitte 47057 Kolonie- 57
– Dietmar 47249 Linkmer- 23
Wißenbach Elisabeth
47279 Vor dem Tore 1
– Ellen 47249 Linzer- 38
– Stefanie 47249 Linzer- 38
Wißenberg Andre 47179 Goethe- 63a
– Barbara 47179 Goethe- 63a
– Edgar 47179 Goethe- 62
– Hannelore 47169 Auf dem Bögel 7
– Holger 47169 Auf dem Bögel 7
– Joseph 47179 Goethe- 53
– Ludger 47179 Goethe- 63a
– Petra 47179 Goethe- 63a
– Silvia 47179 Goethe- 63a
Wisser Brigitte 47053 Bach- 30
– Gerda 47226 Bruckner- 26
Wißig Dirk
47249 Sittardsberger Allee 133
Wissig Erika 47055 Buchholz- 1
– Evelyne 47055 Holunder- 18
– Friedl 47055 Buchholz- 1
– Hans 47249 Peters- 64
Wißig Hans-Jürgen
47249 Sittardsberger Allee 133
Wissig Jörg 47055 Holunder- 18
Wißig Jutta
47249 Sittardsberger Allee 133
Wissig Kornelia 47249 Peters- 64
Wißig Maria 47055 Erlen- 70
Wissig Willi 47169 Brunhilden- 20
Wissigkeit Ralf 47198 Birken- 19
– Silke 47198 Birken- 19
Wißing Annemarie 47138 Nansen- 16
– Bianka 47178 Theißelmann- 44
Wissing Christa
47058 Hohenstaufen- 23
Wißing Dorothea 47226 Krefelder- 93
– Egon 47178 Theißelmann- 44
– Erika 47137 Hoch- 31
– Eva 47178 Theißelmann- 44
– Frank 47138 Hagensallee 46
– Gabriele 47179 Römer- 338
– Gertrud 47166 Markgrafen- 43
– Heike 47179 Bollwerksweg 7
– Heinrich 47178 Bahnhof- 236
– Helmut 47138 Nansen- 16
– Horst 47178 Theißelmann- 44
– Ilse 47178 Bahnhof- 236
Wissing Johannes-Georg
47058 Hohenstaufen- 21
Wißing Josef 47178 Max- 2
Wissing Maria
47058 Hohenstaufen- 21
Wißing Marianne 47178 Römer- 338
– Michael 47179 Bollwerksweg 7
Wissing Michael 47057 Kammer- 206
Wißing Michael
47198 Schwarzwaldweg 8
– Monika 47178 Theißelmann- 44
– Sandra 47169 Friedrich-Engels- 32
– Stefani 47169 Friedrich-Engels- 32
– Theodor 47138 Ginnemeier- 122
– Volker 47198 Wilhelm- 72
– Waltraud 47178 Max- 2
Wissing Klavora Johanna
47179 Am Wittahm 11
Wißink Heinz 47137 Markt- 9
– Irmgard 47137 Markt- 9
– Jutta 47137 Schlöß- 29
– Karl 47137 Biesen- 66
Wißkirchen Detlef
47119 Vinckeweg 18
– Gabriele 47198 Frieden- 22
– Hildegard 47137 Bau- 31
– Karl 47137 Bau- 31
– Maria 47137 Allensteiner- 20
– Micheline 47139 Allensteiner- 20
– Viviane 47139 Allensteiner- 20
Wissmann-Grüning Elisabeth
47051 Beek- 6
Wist Alexander 47198 Bismarck- 13
– Alfred 47259 An der Fliesch 14
– Andrej 47198 Roland- 31
– Anneliese 47259 An der Fliesch 14
– Bernd 47259 An der Fliesch 14
– Klara 47198 Sand- 58
– Olga 47198 Bismarck- 13
– Tatjana 47198 Roland- 31
– Wladislaw 47198 Husemann- 49
Wistuba Gabriele 47198 Parkweg 7
– Gerda 47228 Feldrain 14
– Jürgen 47139 Karl-Albert- 1
– Marion 47167 Lehrer- 21
– Vera 47228 Feldrain 14
Wisufeld Edith 47198 Schiller- 51
– Elisabetha 47198 Husemann- 53
– Herbert 47198 Arndt- 8
Wiswakowski Hannelore
47226 Richard-Wagner- 5
– Leon 47226 Richard-Wagner- 5
Wisznewski Josefa 47166 Loh- 59
Wisznewski Marlies 47138 Hüttekamp 1
– Michaela 47138 Roggenkamp 62
– Stanislaw 47138 Hüttekamp 1
Wisznlewski Günter
47051 Stresemann- 10
Wiszyński August
47269 Am Lichtenhof 20
– Heiko 47239 Dahlien- 5
– Helene 47226 Ursula- 14
– Horst 47226 Ursula- 14
– Inge 47228 Ginsterweg 10
– Lutz 47229 Im Niederfeld 14
– Marie-Luise 47239 Im Niederfeld 14
– Wilma 47239 Im Niederfeld 14
Wit Johann de 47198 Kronen- 23
– Margot de 47198 Kronen- 23
– Rosa 47179 Heiden- 38
Witala Andreas
47137 Von-der-Mark- 62
– Maria 47137 Von-der-Mark- 62
Witalinski Gisela 47226 Paul- 6
Witalis Bernd 47239 Beethoven- 7
– Katja 47057 Blumen- 89
– Sonja 47239 Beethoven- 7
Witalla Andrea 47198 Güter- 25
– Günter 47228 Husemann- 85
– Hans 47198 Güter- 25
– Josef 47228 Güter- 25
– Kurt 47198 Husemann- 85
– Monika 47198 Husemann- 85
Einwohner Namen-Teil
A-DU	Firmen, Gewerbebetriebe usw. nach Namen – siehe gelber Teil
